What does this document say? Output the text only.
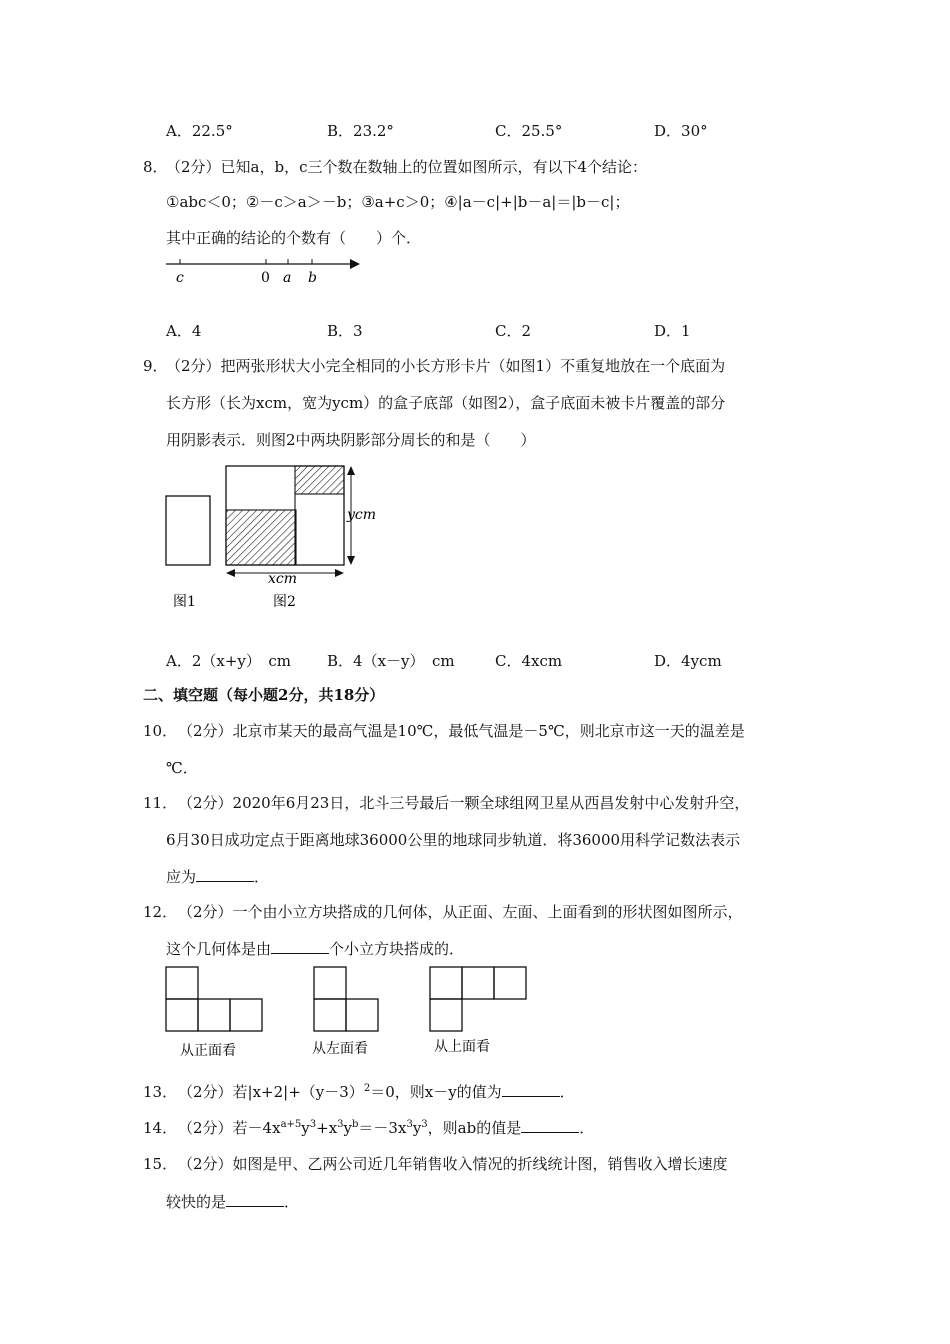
A．22.5°	B．23.2°	C．25.5°	D．30°
8．
（2分）已知a，b，c三个数在数轴上的位置如图所示，有以下4个结论：
①abc＜0；②－c＞a＞－b；③a+c＞0；④|a－c|+|b－a|＝|b－c|；
其中正确的结论的个数有（　　）个．
c	0 a b
A．4	B．3	C．2	D．1
9．
（2分）把两张形状大小完全相同的小长方形卡片（如图1）不重复地放在一个底面为
长方形（长为xcm，宽为ycm）的盒子底部（如图2），盒子底面未被卡片覆盖的部分
用阴影表示．则图2中两块阴影部分周长的和是（　　）
ycm
xcm
图1	图2
A．2（x+y）　cm B．4（x－y）　cm	C．4xcm	D．4ycm
二、填空题（每小题2分，共18分）
10． （2分）北京市某天的最高气温是10℃，最低气温是－5℃，则北京市这一天的温差是
℃．
11． （2分）2020年6月23日，北斗三号最后一颗全球组网卫星从西昌发射中心发射升空，
6月30日成功定点于距离地球36000公里的地球同步轨道．将36000用科学记数法表示
应为	．
12． （2分）一个由小立方块搭成的几何体，从正面、左面、上面看到的形状图如图所示，
这个几何体是由	个小立方块搭成的．
从正面看	从左面看	从上面看
13． （2分）若$|x+2|+(y-3)^2=0$，则x－y的值为	．
14． （2分）若$-4x^{a+5}y^3+x^3y^b=-3x^3y^3$，则ab的值是	．
15． （2分）如图是甲、乙两公司近几年销售收入情况的折线统计图，销售收入增长速度
较快的是	．
